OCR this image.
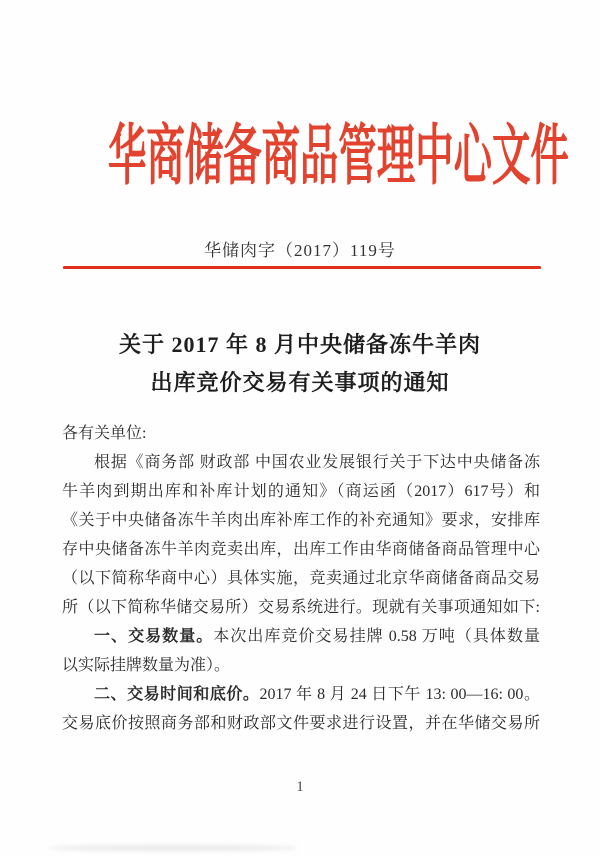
华商储备商品管理中心文件
华储肉字（2017）119号
关于 2017 年 8 月中央储备冻牛羊肉
出库竞价交易有关事项的通知
各有关单位:
根据《商务部 财政部 中国农业发展银行关于下达中央储备冻
牛羊肉到期出库和补库计划的通知》（商运函（2017）617号）和
《关于中央储备冻牛羊肉出库补库工作的补充通知》要求，安排库
存中央储备冻牛羊肉竞卖出库，出库工作由华商储备商品管理中心
（以下简称华商中心）具体实施，竞卖通过北京华商储备商品交易
所（以下简称华储交易所）交易系统进行。现就有关事项通知如下:
一、交易数量。本次出库竞价交易挂牌 0.58 万吨（具体数量
以实际挂牌数量为准）。
二、交易时间和底价。2017 年 8 月 24 日下午 13: 00—16: 00。
交易底价按照商务部和财政部文件要求进行设置，并在华储交易所
1
